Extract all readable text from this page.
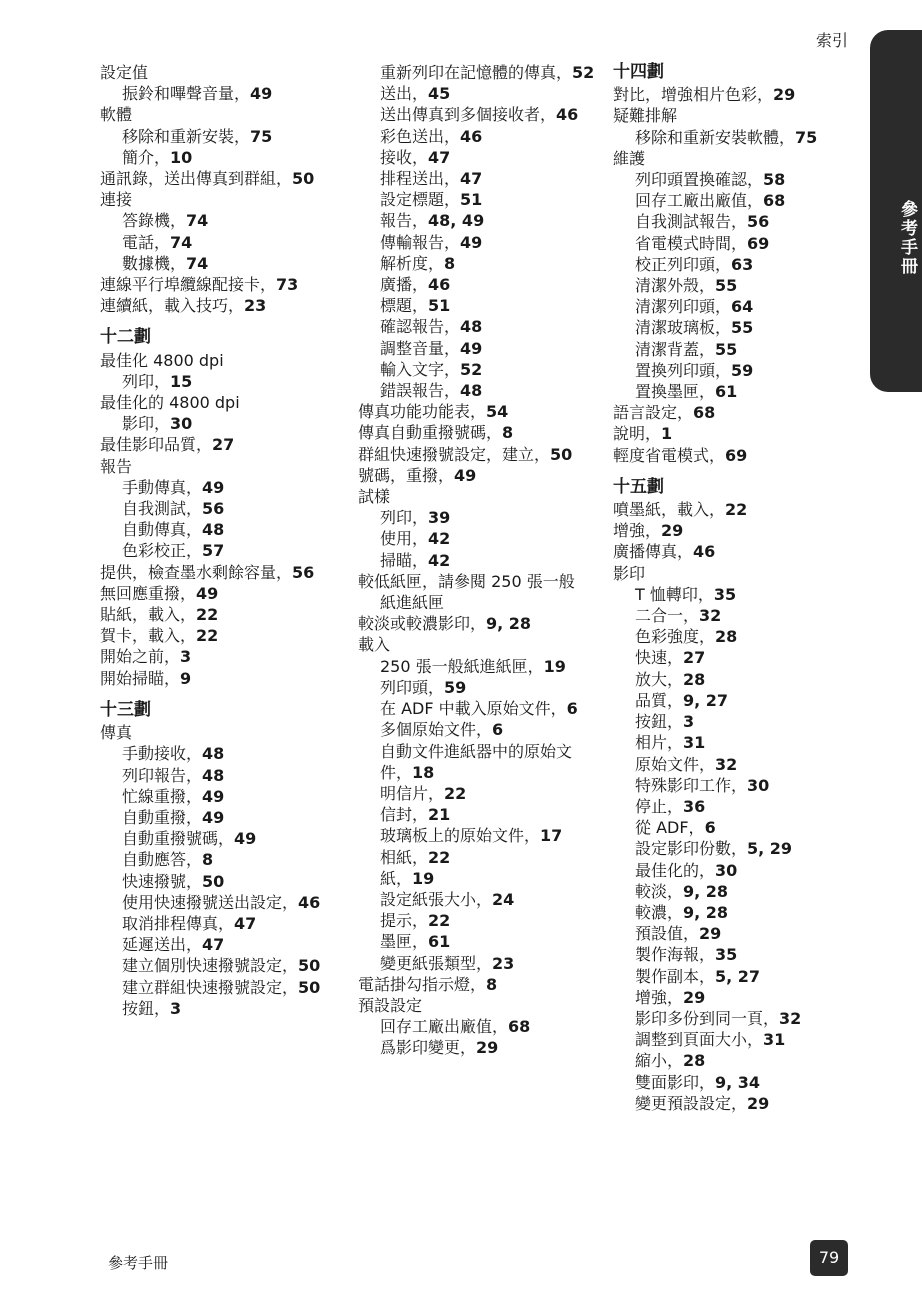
索引
參考手冊
設定值
振鈴和嗶聲音量，49
軟體
移除和重新安裝，75
簡介，10
通訊錄，送出傳真到群組，50
連接
答錄機，74
電話，74
數據機，74
連線平行埠纜線配接卡，73
連續紙，載入技巧，23
十二劃
最佳化 4800 dpi
列印，15
最佳化的 4800 dpi
影印，30
最佳影印品質，27
報告
手動傳真，49
自我測試，56
自動傳真，48
色彩校正，57
提供，檢查墨水剩餘容量，56
無回應重撥，49
貼紙，載入，22
賀卡，載入，22
開始之前，3
開始掃瞄，9
十三劃
傳真
手動接收，48
列印報告，48
忙線重撥，49
自動重撥，49
自動重撥號碼，49
自動應答，8
快速撥號，50
使用快速撥號送出設定，46
取消排程傳真，47
延遲送出，47
建立個別快速撥號設定，50
建立群組快速撥號設定，50
按鈕，3
重新列印在記憶體的傳真，52
送出，45
送出傳真到多個接收者，46
彩色送出，46
接收，47
排程送出，47
設定標題，51
報告，48, 49
傳輸報告，49
解析度，8
廣播，46
標題，51
確認報告，48
調整音量，49
輸入文字，52
錯誤報告，48
傳真功能功能表，54
傳真自動重撥號碼，8
群組快速撥號設定，建立，50
號碼，重撥，49
試樣
列印，39
使用，42
掃瞄，42
較低紙匣，請參閱 250 張一般
紙進紙匣
較淡或較濃影印，9, 28
載入
250 張一般紙進紙匣，19
列印頭，59
在 ADF 中載入原始文件，6
多個原始文件，6
自動文件進紙器中的原始文
件，18
明信片，22
信封，21
玻璃板上的原始文件，17
相紙，22
紙，19
設定紙張大小，24
提示，22
墨匣，61
變更紙張類型，23
電話掛勾指示燈，8
預設設定
回存工廠出廠值，68
爲影印變更，29
十四劃
對比，增強相片色彩，29
疑難排解
移除和重新安裝軟體，75
維護
列印頭置換確認，58
回存工廠出廠值，68
自我測試報告，56
省電模式時間，69
校正列印頭，63
清潔外殼，55
清潔列印頭，64
清潔玻璃板，55
清潔背蓋，55
置換列印頭，59
置換墨匣，61
語言設定，68
說明，1
輕度省電模式，69
十五劃
噴墨紙，載入，22
增強，29
廣播傳真，46
影印
T 恤轉印，35
二合一，32
色彩強度，28
快速，27
放大，28
品質，9, 27
按鈕，3
相片，31
原始文件，32
特殊影印工作，30
停止，36
從 ADF，6
設定影印份數，5, 29
最佳化的，30
較淡，9, 28
較濃，9, 28
預設值，29
製作海報，35
製作副本，5, 27
增強，29
影印多份到同一頁，32
調整到頁面大小，31
縮小，28
雙面影印，9, 34
變更預設設定，29
參考手冊	79
